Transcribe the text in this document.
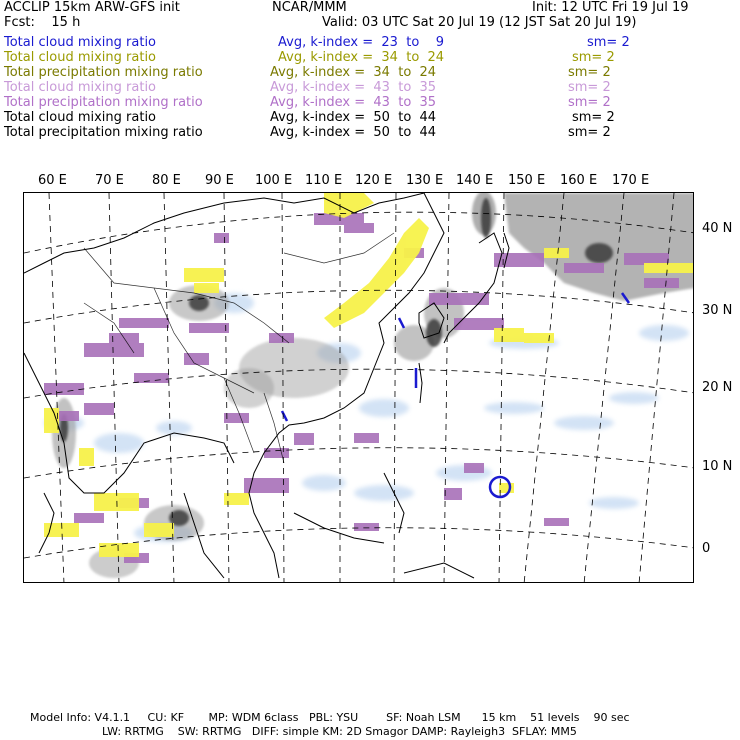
ACCLIP 15km ARW-GFS init	NCAR/MMM	Init: 12 UTC Fri 19 Jul 19
Fcst:    15 h	Valid: 03 UTC Sat 20 Jul 19 (12 JST Sat 20 Jul 19)
Total cloud mixing ratio	Avg, k-index =  23  to    9	sm= 2
Total cloud mixing ratio	Avg, k-index =  34  to  24	sm= 2
Total precipitation mixing ratio	Avg, k-index =  34  to  24	sm= 2
Total cloud mixing ratio	Avg, k-index =  43  to  35	sm= 2
Total precipitation mixing ratio	Avg, k-index =  43  to  35	sm= 2
Total cloud mixing ratio	Avg, k-index =  50  to  44	sm= 2
Total precipitation mixing ratio	Avg, k-index =  50  to  44	sm= 2
60 E 70 E 80 E 90 E 100 E 110 E 120 E 130 E 140 E 150 E 160 E 170 E
40 N
30 N
20 N
10 N
0
Model Info: V4.1.1     CU: KF       MP: WDM 6class   PBL: YSU        SF: Noah LSM      15 km    51 levels    90 sec
LW: RRTMG    SW: RRTMG   DIFF: simple KM: 2D Smagor DAMP: Rayleigh3  SFLAY: MM5
